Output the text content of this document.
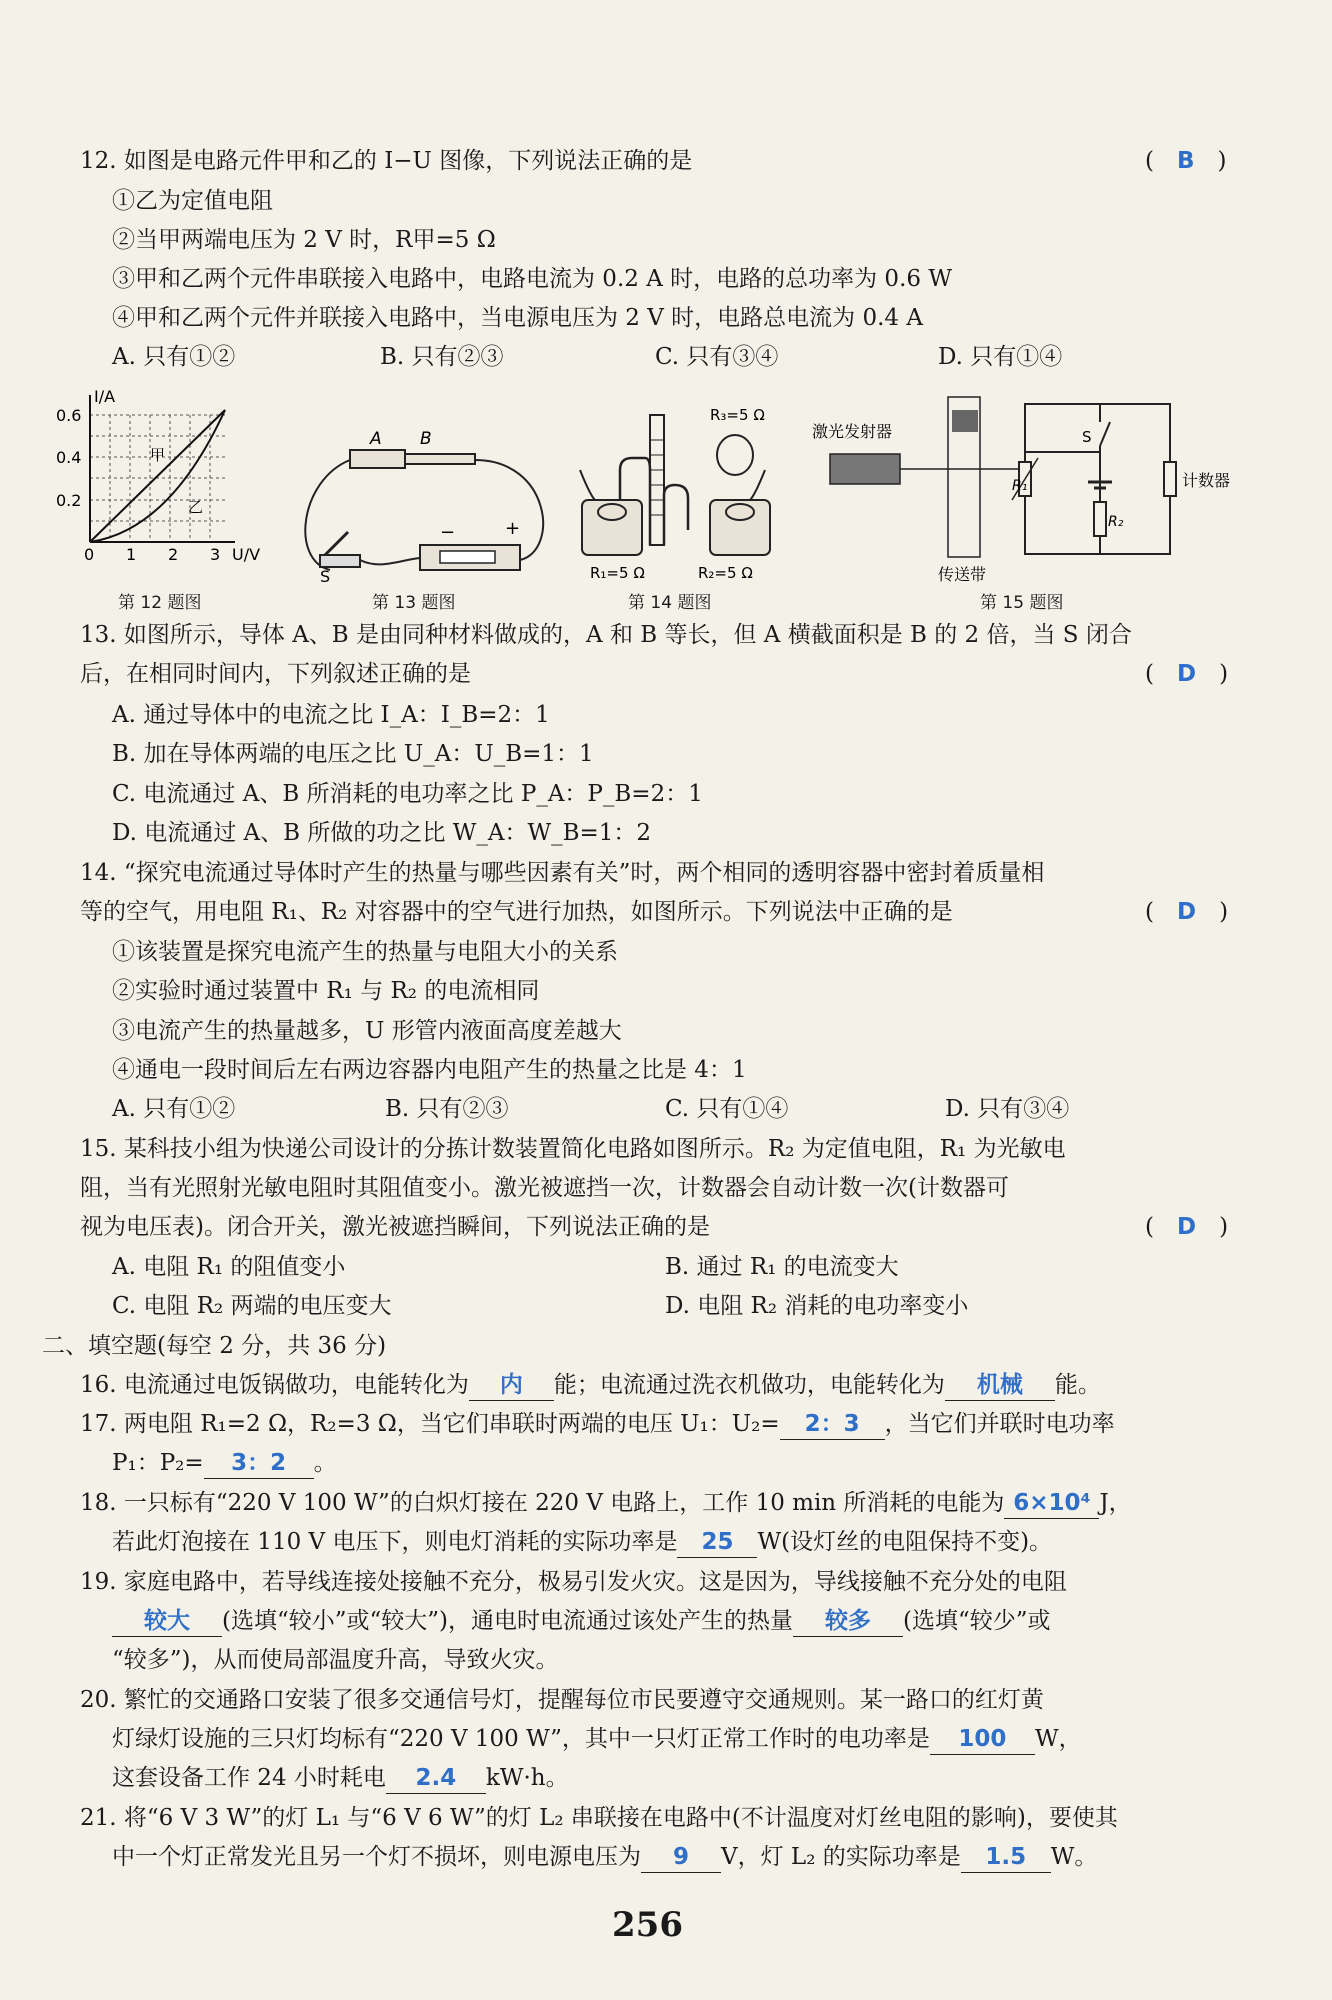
12. 如图是电路元件甲和乙的 I−U 图像，下列说法正确的是	(　B　)
①乙为定值电阻
②当甲两端电压为 2 V 时，R甲=5 Ω
③甲和乙两个元件串联接入电路中，电路电流为 0.2 A 时，电路的总功率为 0.6 W
④甲和乙两个元件并联接入电路中，当电源电压为 2 V 时，电路总电流为 0.4 A
A. 只有①②	B. 只有②③	C. 只有③④	D. 只有①④
I/A
U/V
0.6
0.4
0.2
0 1 2 3
甲
乙
第 12 题图
A B
S
−	+
第 13 题图
R₃=5 Ω
R₁=5 Ω	R₂=5 Ω
第 14 题图
激光发射器
传送带
R₁
S
R₂
计数器
第 15 题图
13. 如图所示，导体 A、B 是由同种材料做成的，A 和 B 等长，但 A 横截面积是 B 的 2 倍，当 S 闭合
后，在相同时间内，下列叙述正确的是	(　D　)
A. 通过导体中的电流之比 I_A：I_B=2：1
B. 加在导体两端的电压之比 U_A：U_B=1：1
C. 电流通过 A、B 所消耗的电功率之比 P_A：P_B=2：1
D. 电流通过 A、B 所做的功之比 W_A：W_B=1：2
14. “探究电流通过导体时产生的热量与哪些因素有关”时，两个相同的透明容器中密封着质量相
等的空气，用电阻 R₁、R₂ 对容器中的空气进行加热，如图所示。下列说法中正确的是	(　D　)
①该装置是探究电流产生的热量与电阻大小的关系
②实验时通过装置中 R₁ 与 R₂ 的电流相同
③电流产生的热量越多，U 形管内液面高度差越大
④通电一段时间后左右两边容器内电阻产生的热量之比是 4：1
A. 只有①②	B. 只有②③	C. 只有①④	D. 只有③④
15. 某科技小组为快递公司设计的分拣计数装置简化电路如图所示。R₂ 为定值电阻，R₁ 为光敏电
阻，当有光照射光敏电阻时其阻值变小。激光被遮挡一次，计数器会自动计数一次(计数器可
视为电压表)。闭合开关，激光被遮挡瞬间，下列说法正确的是	(　D　)
A. 电阻 R₁ 的阻值变小	B. 通过 R₁ 的电流变大
C. 电阻 R₂ 两端的电压变大	D. 电阻 R₂ 消耗的电功率变小
二、填空题(每空 2 分，共 36 分)
16. 电流通过电饭锅做功，电能转化为 内 能；电流通过洗衣机做功，电能转化为 机械 能。
17. 两电阻 R₁=2 Ω，R₂=3 Ω，当它们串联时两端的电压 U₁：U₂= 2：3 ，当它们并联时电功率
P₁：P₂= 3：2 。
18. 一只标有“220 V 100 W”的白炽灯接在 220 V 电路上，工作 10 min 所消耗的电能为 6×10⁴ J，
若此灯泡接在 110 V 电压下，则电灯消耗的实际功率是 25 W(设灯丝的电阻保持不变)。
19. 家庭电路中，若导线连接处接触不充分，极易引发火灾。这是因为，导线接触不充分处的电阻
较大 (选填“较小”或“较大”)，通电时电流通过该处产生的热量 较多 (选填“较少”或
“较多”)，从而使局部温度升高，导致火灾。
20. 繁忙的交通路口安装了很多交通信号灯，提醒每位市民要遵守交通规则。某一路口的红灯黄
灯绿灯设施的三只灯均标有“220 V 100 W”，其中一只灯正常工作时的电功率是 100 W，
这套设备工作 24 小时耗电 2.4 kW·h。
21. 将“6 V 3 W”的灯 L₁ 与“6 V 6 W”的灯 L₂ 串联接在电路中(不计温度对灯丝电阻的影响)，要使其
中一个灯正常发光且另一个灯不损坏，则电源电压为 9 V，灯 L₂ 的实际功率是 1.5 W。
256
